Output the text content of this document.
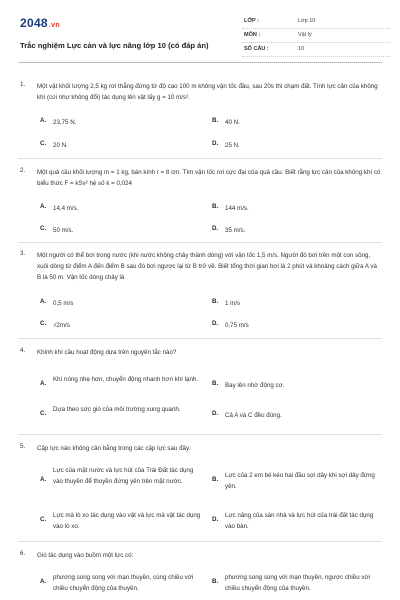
2048.vn
Trắc nghiệm Lực cản và lực nâng lớp 10 (có đáp án)
LỚP :	Lớp 10
MÔN :	Vật lý
SỐ CÂU :	10
1. Một vật khối lượng 2,5 kg rơi thẳng đứng từ độ cao 100 m không vận tốc đầu, sau 20s thì chạm đất. Tính lực cản của không khí (coi như không đổi) tác dụng lên vật lấy g = 10 m/s².
A. 23,75 N.	B. 40 N.
C. 20 N.	D. 25 N.
2. Một quả cầu khối lượng m = 1 kg, bán kính r = 8 cm. Tìm vận tốc rơi cực đại của quả cầu. Biết rằng lực cản của không khí có biểu thức F = kSv² hệ số k = 0,024
A. 14,4 m/s.	B. 144 m/s.
C. 50 m/s.	D. 35 m/s.
3. Một người có thể bơi trong nước (khi nước không chảy thành dòng) với vận tốc 1,5 m/s. Người đó bơi trên một con sông, xuôi dòng từ điểm A đến điểm B sau đó bơi ngược lại từ B trở về. Biết tổng thời gian bơi là 2 phút và khoảng cách giữa A và B là 50 m. Vận tốc dòng chảy là
A. 0,5 m/s	B. 1 m/s
C. √2m/s	D. 0,75 m/s
4. Khinh khí cầu hoạt động dựa trên nguyên tắc nào?
A.
Khí nóng nhẹ hơn, chuyển động nhanh hơn khí lạnh.
B. Bay lên nhờ động cơ.
C.
Dựa theo sức gió của môi trường xung quanh.
D. Cả A và C đều đúng.
5. Cặp lực nào không cân bằng trong các cặp lực sau đây:
A.
Lực của mặt nước và lực hút của Trái Đất tác dụng vào thuyền để thuyền đứng yên trên mặt nước.	B.
Lực của 2 em bé kéo hai đầu sợi dây khi sợi dây đứng yên.
C.
Lực mà lò xo tác dụng vào vật và lực mà vật tác dụng vào lò xo.
D.
Lực nâng của sàn nhà và lực hút của trái đất tác dụng vào bàn.
6. Gió tác dụng vào buồm một lực có:
A.
phương song song với mạn thuyền, cùng chiều với chiều chuyển động của thuyền.
B.
phương song song với mạn thuyền, ngược chiều với chiều chuyển động của thuyền.
